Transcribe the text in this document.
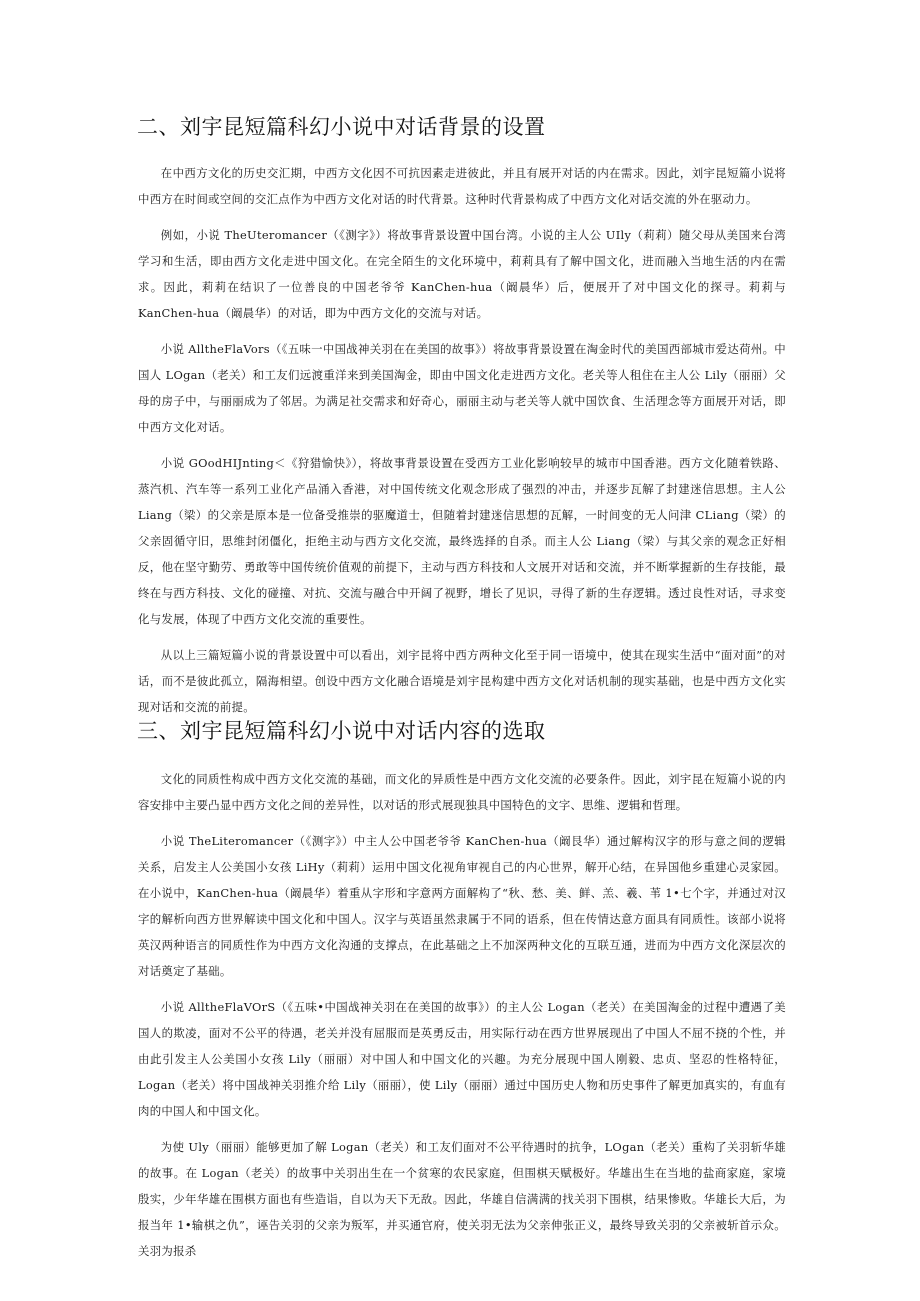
二、刘宇昆短篇科幻小说中对话背景的设置

在中西方文化的历史交汇期，中西方文化因不可抗因素走进彼此，并且有展开对话的内在需求。因此，刘宇昆短篇小说将中西方在时间或空间的交汇点作为中西方文化对话的时代背景。这种时代背景构成了中西方文化对话交流的外在驱动力。

例如，小说 TheUteromancer（《测字》）将故事背景设置中国台湾。小说的主人公 UIly（莉莉）随父母从美国来台湾学习和生活，即由西方文化走进中国文化。在完全陌生的文化环境中，莉莉具有了解中国文化，进而融入当地生活的内在需求。因此，莉莉在结识了一位善良的中国老爷爷 KanChen-hua（阚晨华）后，便展开了对中国文化的探寻。莉莉与 KanChen-hua（阚晨华）的对话，即为中西方文化的交流与对话。

小说 AlltheFlaVors（《五味一中国战神关羽在在美国的故事》）将故事背景设置在淘金时代的美国西部城市爱达荷州。中国人 LOgan（老关）和工友们远渡重洋来到美国淘金，即由中国文化走进西方文化。老关等人租住在主人公 Lily（丽丽）父母的房子中，与丽丽成为了邻居。为满足社交需求和好奇心，丽丽主动与老关等人就中国饮食、生活理念等方面展开对话，即中西方文化对话。

小说 GOodHIJnting＜《狩猎愉快》），将故事背景设置在受西方工业化影响较早的城市中国香港。西方文化随着铁路、蒸汽机、汽车等一系列工业化产品涌入香港，对中国传统文化观念形成了强烈的冲击，并逐步瓦解了封建迷信思想。主人公 Liang（梁）的父亲是原本是一位备受推崇的驱魔道士，但随着封建迷信思想的瓦解，一时间变的无人问津 CLiang（梁）的父亲固循守旧，思维封闭僵化，拒绝主动与西方文化交流，最终选择的自杀。而主人公 Liang（梁）与其父亲的观念正好相反，他在坚守勤劳、勇敢等中国传统价值观的前提下，主动与西方科技和人文展开对话和交流，并不断掌握新的生存技能，最终在与西方科技、文化的碰撞、对抗、交流与融合中开阔了视野，增长了见识，寻得了新的生存逻辑。透过良性对话，寻求变化与发展，体现了中西方文化交流的重要性。

从以上三篇短篇小说的背景设置中可以看出，刘宇昆将中西方两种文化至于同一语境中，使其在现实生活中“面对面”的对话，而不是彼此孤立，隔海相望。创设中西方文化融合语境是刘宇昆构建中西方文化对话机制的现实基础，也是中西方文化实现对话和交流的前提。

三、刘宇昆短篇科幻小说中对话内容的选取

文化的同质性构成中西方文化交流的基础，而文化的异质性是中西方文化交流的必要条件。因此，刘宇昆在短篇小说的内容安排中主要凸显中西方文化之间的差异性，以对话的形式展现独具中国特色的文字、思维、逻辑和哲理。

小说 TheLiteromancer（《测字》）中主人公中国老爷爷 KanChen-hua（阚艮华）通过解构汉字的形与意之间的逻辑关系，启发主人公美国小女孩 LiHy（莉莉）运用中国文化视角审视自己的内心世界，解开心结，在异国他乡重建心灵家园。在小说中，KanChen-hua（阚晨华）着重从字形和字意两方面解构了“秋、愁、美、鲜、羔、羲、苇 1•七个字，并通过对汉字的解析向西方世界解读中国文化和中国人。汉字与英语虽然隶属于不同的语系，但在传情达意方面具有同质性。该部小说将英汉两种语言的同质性作为中西方文化沟通的支撑点，在此基础之上不加深两种文化的互联互通，进而为中西方文化深层次的对话奠定了基础。

小说 AlltheFlaVOrS（《五味•中国战神关羽在在美国的故事》）的主人公 Logan（老关）在美国淘金的过程中遭遇了美国人的欺凌，面对不公平的待遇，老关并没有屈服而是英勇反击，用实际行动在西方世界展现出了中国人不屈不挠的个性，并由此引发主人公美国小女孩 Lily（丽丽）对中国人和中国文化的兴趣。为充分展现中国人刚毅、忠贞、坚忍的性格特征，Logan（老关）将中国战神关羽推介给 Lily（丽丽），使 Lily（丽丽）通过中国历史人物和历史事件了解更加真实的，有血有肉的中国人和中国文化。

为使 Uly（丽丽）能够更加了解 Logan（老关）和工友们面对不公平待遇时的抗争，LOgan（老关）重构了关羽斩华雄的故事。在 Logan（老关）的故事中关羽出生在一个贫寒的农民家庭，但围棋天赋极好。华雄出生在当地的盐商家庭，家境殷实，少年华雄在围棋方面也有些造诣，自以为天下无敌。因此，华雄自信满满的找关羽下围棋，结果惨败。华雄长大后，为报当年 1•输棋之仇”，诬告关羽的父亲为叛军，并买通官府，使关羽无法为父亲伸张正义，最终导致关羽的父亲被斩首示众。关羽为报杀
